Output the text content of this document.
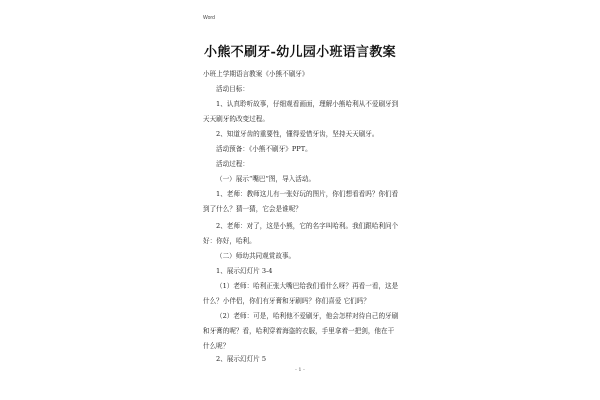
Word
小熊不刷牙-幼儿园小班语言教案
小班上学期语言教案《小熊不刷牙》
活动目标：
1、认真聆听故事，仔细观看画面，理解小熊哈利从不爱刷牙到
天天刷牙的改变过程。
2、知道牙齿的重要性，懂得爱惜牙齿，坚持天天刷牙。
活动预备：《小熊不刷牙》PPT。
活动过程：
（一）展示“嘴巴”图，导入活动。
1、老师：教师这儿有一张好玩的图片，你们想看看吗？你们看
到了什么？猜一猜，它会是谁呢？
2、老师：对了，这是小熊，它的名字叫哈利。我们跟哈利问个
好：你好，哈利。
（二）师幼共同观赏故事。
1、展示幻灯片 3-4
（1）老师：哈利正张大嘴巴给我们看什么呀？再看一看，这是
什么？小伴侣，你们有牙膏和牙刷吗？你们喜爱 它们吗？
（2）老师：可是，哈利他不爱刷牙，他会怎样对待自己的牙刷
和牙膏的呢？看，哈利穿着海盗的衣服，手里拿着一把剑，他在干
什么呢？
2、展示幻灯片 5
- 1 -
